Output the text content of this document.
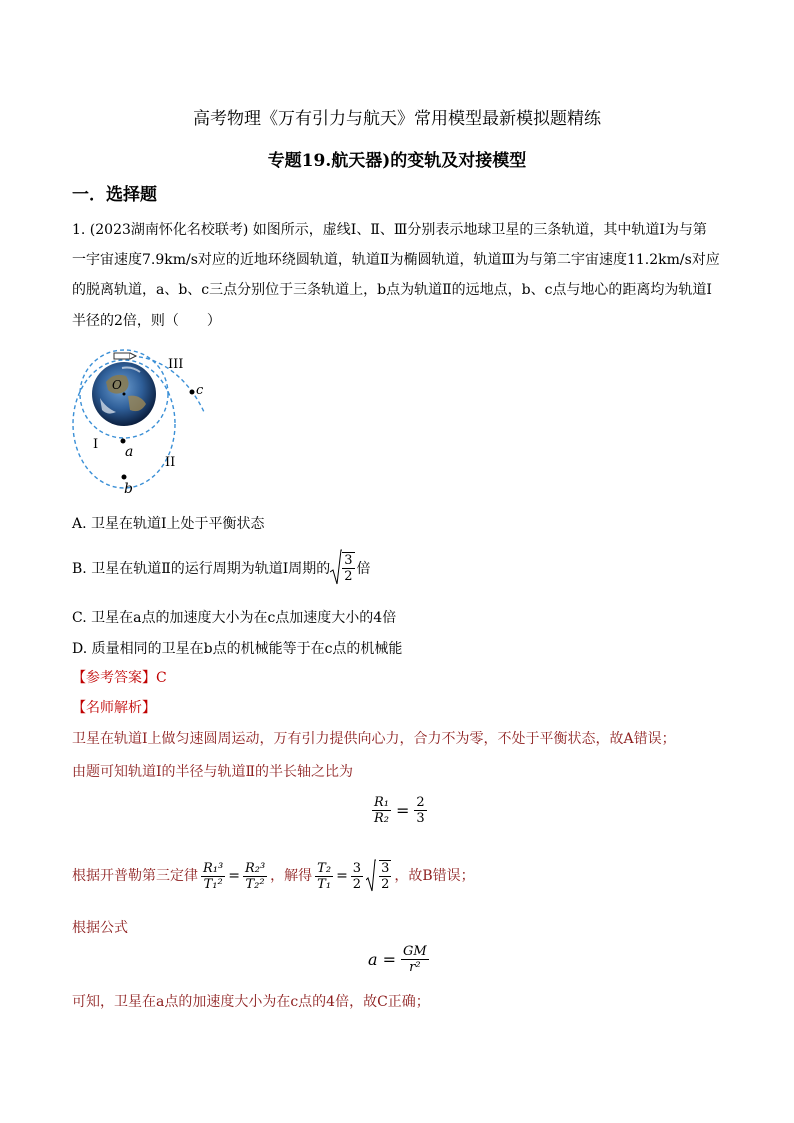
高考物理《万有引力与航天》常用模型最新模拟题精练
专题19.航天器)的变轨及对接模型
一．选择题
1. (2023湖南怀化名校联考) 如图所示，虚线Ⅰ、Ⅱ、Ⅲ分别表示地球卫星的三条轨道，其中轨道Ⅰ为与第
一宇宙速度7.9km/s对应的近地环绕圆轨道，轨道Ⅱ为椭圆轨道，轨道Ⅲ为与第二宇宙速度11.2km/s对应
的脱离轨道，a、b、c三点分别位于三条轨道上，b点为轨道Ⅱ的远地点，b、c点与地心的距离均为轨道Ⅰ
半径的2倍，则（　　）
O
III
c
I a
II
b
A. 卫星在轨道Ⅰ上处于平衡状态
B. 卫星在轨道Ⅱ的运行周期为轨道Ⅰ周期的 $\frac{3}{2}$ 倍
C. 卫星在a点的加速度大小为在c点加速度大小的4倍
D. 质量相同的卫星在b点的机械能等于在c点的机械能
【参考答案】C
【名师解析】
卫星在轨道Ⅰ上做匀速圆周运动，万有引力提供向心力，合力不为零，不处于平衡状态，故A错误；
由题可知轨道Ⅰ的半径与轨道Ⅱ的半长轴之比为
$\frac{\text{R₁}}{\text{R₂}} = \frac{2}{3}$
根据开普勒第三定律 $\frac{\text{R₁³}}{\text{T₁²}} = \frac{\text{R₂³}}{\text{T₂²}}$ ，解得 $\frac{\text{T₂}}{\text{T₁}} = \frac{3}{2} \frac{3}{2}$ ，故B错误；
根据公式
$a = \frac{GM}{\text{r²}}$
可知，卫星在a点的加速度大小为在c点的4倍，故C正确；
